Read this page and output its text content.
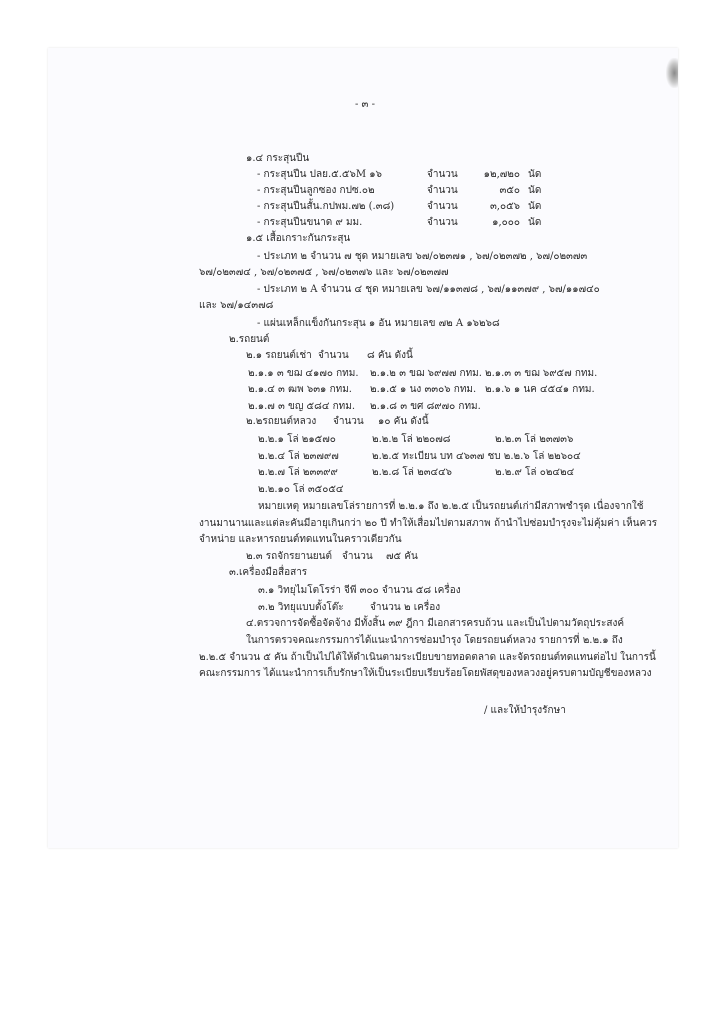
- ๓ -
๑.๔ กระสุนปืน
- กระสุนปืน ปลย.๕.๕๖M ๑๖	จำนวน	๑๒,๗๒๐ นัด
- กระสุนปืนลูกซอง กปซ.๐๒	จำนวน	๓๕๐ นัด
- กระสุนปืนสั้น.กปพม.๗๒ (.๓๘)	จำนวน	๓,๐๕๖ นัด
- กระสุนปืนขนาด ๙ มม.	จำนวน	๑,๐๐๐ นัด
๑.๕ เสื้อเกราะกันกระสุน
- ประเภท ๒ จำนวน ๗ ชุด หมายเลข ๖๗/๐๒๓๗๑ , ๖๗/๐๒๓๗๒ , ๖๗/๐๒๓๗๓
๖๗/๐๒๓๗๔ , ๖๗/๐๒๓๗๕ , ๖๗/๐๒๓๗๖ และ ๖๗/๐๒๓๗๗
- ประเภท ๒ A จำนวน ๔ ชุด หมายเลข ๖๗/๑๑๓๗๘ , ๖๗/๑๑๓๗๙ , ๖๗/๑๑๗๔๐
และ ๖๗/๑๔๓๗๘
- แผ่นเหล็กแข็งกันกระสุน ๑ อัน หมายเลข ๗๒ A ๑๖๒๖๘
๒.รถยนต์
๒.๑ รถยนต์เช่า จำนวน ๘ คัน ดังนี้
๒.๑.๑ ๓ ขฌ ๔๑๗๐ กทม. ๒.๑.๒ ๓ ขฌ ๖๙๗๗ กทม. ๒.๑.๓ ๓ ขฌ ๖๙๕๗ กทม.
๒.๑.๔ ๓ ฒพ ๖๓๑ กทม. ๒.๑.๕ ๑ นง ๓๓๐๖ กทม. ๒.๑.๖ ๑ นค ๔๕๔๑ กทม.
๒.๑.๗ ๓ ขญ ๕๘๔ กทม. ๒.๑.๘ ๓ ขศ ๘๙๗๐ กทม.
๒.๒รถยนต์หลวง จำนวน ๑๐ คัน ดังนี้
๒.๒.๑ โล่ ๒๑๕๗๐	๒.๒.๒ โล่ ๒๒๐๗๘	๒.๒.๓ โล่ ๒๓๗๓๖
๒.๒.๔ โล่ ๒๓๗๙๗	๒.๒.๕ ทะเบียน บท ๔๖๓๗ ชบ ๒.๒.๖ โล่ ๒๒๖๐๔
๒.๒.๗ โล่ ๒๓๓๙๙	๒.๒.๘ โล่ ๒๓๔๔๖	๒.๒.๙ โล่ ๐๒๔๒๔
๒.๒.๑๐ โล่ ๓๕๐๕๔
หมายเหตุ หมายเลขโล่รายการที่ ๒.๒.๑ ถึง ๒.๒.๕ เป็นรถยนต์เก่ามีสภาพชำรุด เนื่องจากใช้
งานมานานและแต่ละคันมีอายุเกินกว่า ๒๐ ปี ทำให้เสื่อมไปตามสภาพ ถ้านำไปซ่อมบำรุงจะไม่คุ้มค่า เห็นควร
จำหน่าย และหารถยนต์ทดแทนในคราวเดียวกัน
๒.๓ รถจักรยานยนต์ จำนวน ๗๕ คัน
๓.เครื่องมือสื่อสาร
๓.๑ วิทยุไมโตโรร่า จีพี ๓๐๐ จำนวน ๕๘ เครื่อง
๓.๒ วิทยุแบบตั้งโต๊ะ	จำนวน ๒ เครื่อง
๔.ตรวจการจัดซื้อจัดจ้าง มีทั้งสิ้น ๓๙ ฎีกา มีเอกสารครบถ้วน และเป็นไปตามวัตถุประสงค์
ในการตรวจคณะกรรมการได้แนะนำการซ่อมบำรุง โดยรถยนต์หลวง รายการที่ ๒.๒.๑ ถึง
๒.๒.๕ จำนวน ๕ คัน ถ้าเป็นไปได้ให้ดำเนินตามระเบียบขายทอดตลาด และจัดรถยนต์ทดแทนต่อไป ในการนี้
คณะกรรมการ ได้แนะนำการเก็บรักษาให้เป็นระเบียบเรียบร้อยโดยพัสดุของหลวงอยู่ครบตามบัญชีของหลวง
/ และให้บำรุงรักษา
